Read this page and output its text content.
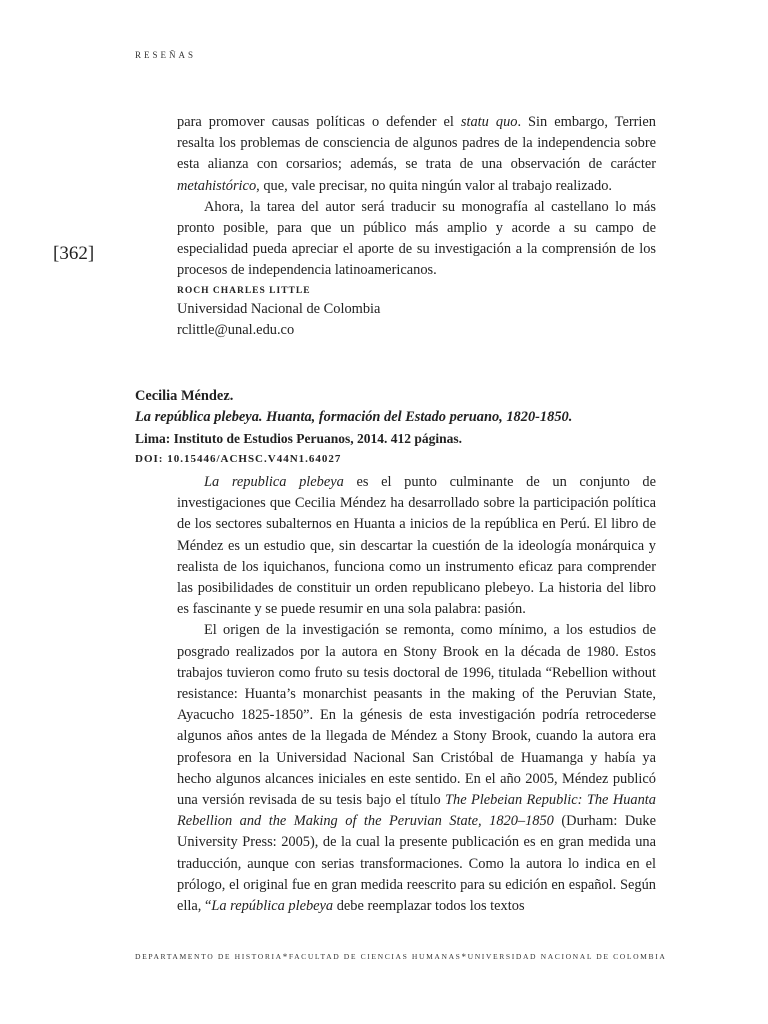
RESEÑAS
[362]

para promover causas políticas o defender el statu quo. Sin embargo, Terrien resalta los problemas de consciencia de algunos padres de la independencia sobre esta alianza con corsarios; además, se trata de una observación de carácter metahistórico, que, vale precisar, no quita ningún valor al trabajo realizado.

Ahora, la tarea del autor será traducir su monografía al castellano lo más pronto posible, para que un público más amplio y acorde a su campo de especialidad pueda apreciar el aporte de su investigación a la comprensión de los procesos de independencia latinoamericanos.

ROCH CHARLES LITTLE
Universidad Nacional de Colombia
rclittle@unal.edu.co
Cecilia Méndez.
La república plebeya. Huanta, formación del Estado peruano, 1820-1850.
Lima: Instituto de Estudios Peruanos, 2014. 412 páginas.
DOI: 10.15446/ACHSC.V44N1.64027

La republica plebeya es el punto culminante de un conjunto de investigaciones que Cecilia Méndez ha desarrollado sobre la participación política de los sectores subalternos en Huanta a inicios de la república en Perú. El libro de Méndez es un estudio que, sin descartar la cuestión de la ideología monárquica y realista de los iquichanos, funciona como un instrumento eficaz para comprender las posibilidades de constituir un orden republicano plebeyo. La historia del libro es fascinante y se puede resumir en una sola palabra: pasión.

El origen de la investigación se remonta, como mínimo, a los estudios de posgrado realizados por la autora en Stony Brook en la década de 1980. Estos trabajos tuvieron como fruto su tesis doctoral de 1996, titulada “Rebellion without resistance: Huanta’s monarchist peasants in the making of the Peruvian State, Ayacucho 1825-1850”. En la génesis de esta investigación podría retrocederse algunos años antes de la llegada de Méndez a Stony Brook, cuando la autora era profesora en la Universidad Nacional San Cristóbal de Huamanga y había ya hecho algunos alcances iniciales en este sentido. En el año 2005, Méndez publicó una versión revisada de su tesis bajo el título The Plebeian Republic: The Huanta Rebellion and the Making of the Peruvian State, 1820–1850 (Durham: Duke University Press: 2005), de la cual la presente publicación es en gran medida una traducción, aunque con serias transformaciones. Como la autora lo indica en el prólogo, el original fue en gran medida reescrito para su edición en español. Según ella, “La república plebeya debe reemplazar todos los textos

DEPARTAMENTO DE HISTORIA * FACULTAD DE CIENCIAS HUMANAS * UNIVERSIDAD NACIONAL DE COLOMBIA
